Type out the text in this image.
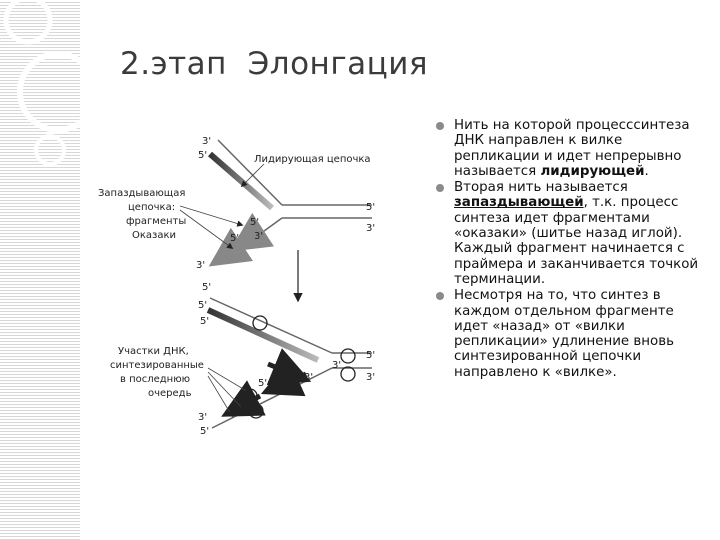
2.этап  Элонгация
3'
5'
5'
3'
5'
3'
5'
3'
5'
Лидирующая цепочка
Запаздывающая
цепочка:
фрагменты
Оказаки
5'
5'
5'
3'
3'
3'
5'
3'
5'
Участки ДНК,
синтезированные
в последнюю
очередь
Нить на которой процесссинтеза ДНК направлен к вилке репликации и идет непрерывно называется лидирующей.
Вторая нить называется запаздывающей, т.к. процесс синтеза идет фрагментами «оказаки» (шитье назад иглой). Каждый фрагмент начинается с праймера и заканчивается точкой терминации.
Несмотря на то, что синтез в каждом отдельном фрагменте идет «назад» от «вилки репликации» удлинение вновь синтезированной цепочки направлено к «вилке».
